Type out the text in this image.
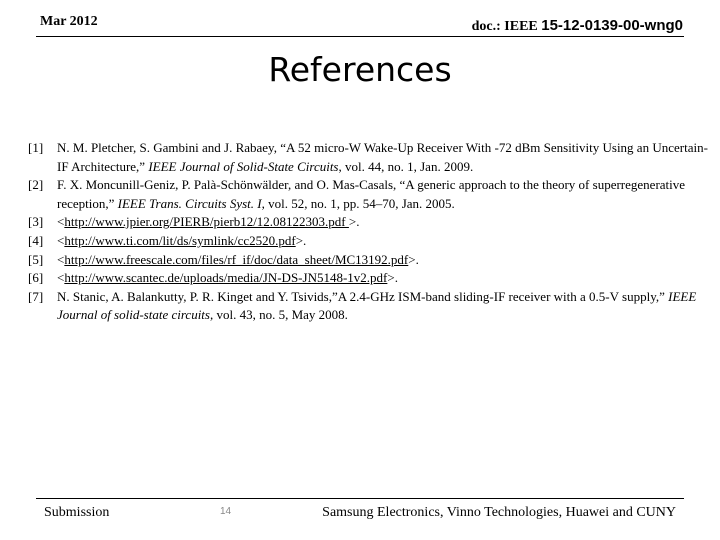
Mar 2012	doc.: IEEE 15-12-0139-00-wng0
References
[1] N. M. Pletcher, S. Gambini and J. Rabaey, “A 52 micro-W Wake-Up Receiver With -72 dBm Sensitivity Using an Uncertain-IF Architecture,” IEEE Journal of Solid-State Circuits, vol. 44, no. 1, Jan. 2009.
[2] F. X. Moncunill-Geniz, P. Palà-Schönwälder, and O. Mas-Casals, “A generic approach to the theory of superregenerative reception,” IEEE Trans. Circuits Syst. I, vol. 52, no. 1, pp. 54–70, Jan. 2005.
[3] <http://www.jpier.org/PIERB/pierb12/12.08122303.pdf >.
[4] <http://www.ti.com/lit/ds/symlink/cc2520.pdf>.
[5] <http://www.freescale.com/files/rf_if/doc/data_sheet/MC13192.pdf>.
[6] <http://www.scantec.de/uploads/media/JN-DS-JN5148-1v2.pdf>.
[7] N. Stanic, A. Balankutty, P. R. Kinget and Y. Tsivids,”A 2.4-GHz ISM-band sliding-IF receiver with a 0.5-V supply,” IEEE Journal of solid-state circuits, vol. 43, no. 5, May 2008.
Submission	14	Samsung Electronics, Vinno Technologies, Huawei and CUNY
